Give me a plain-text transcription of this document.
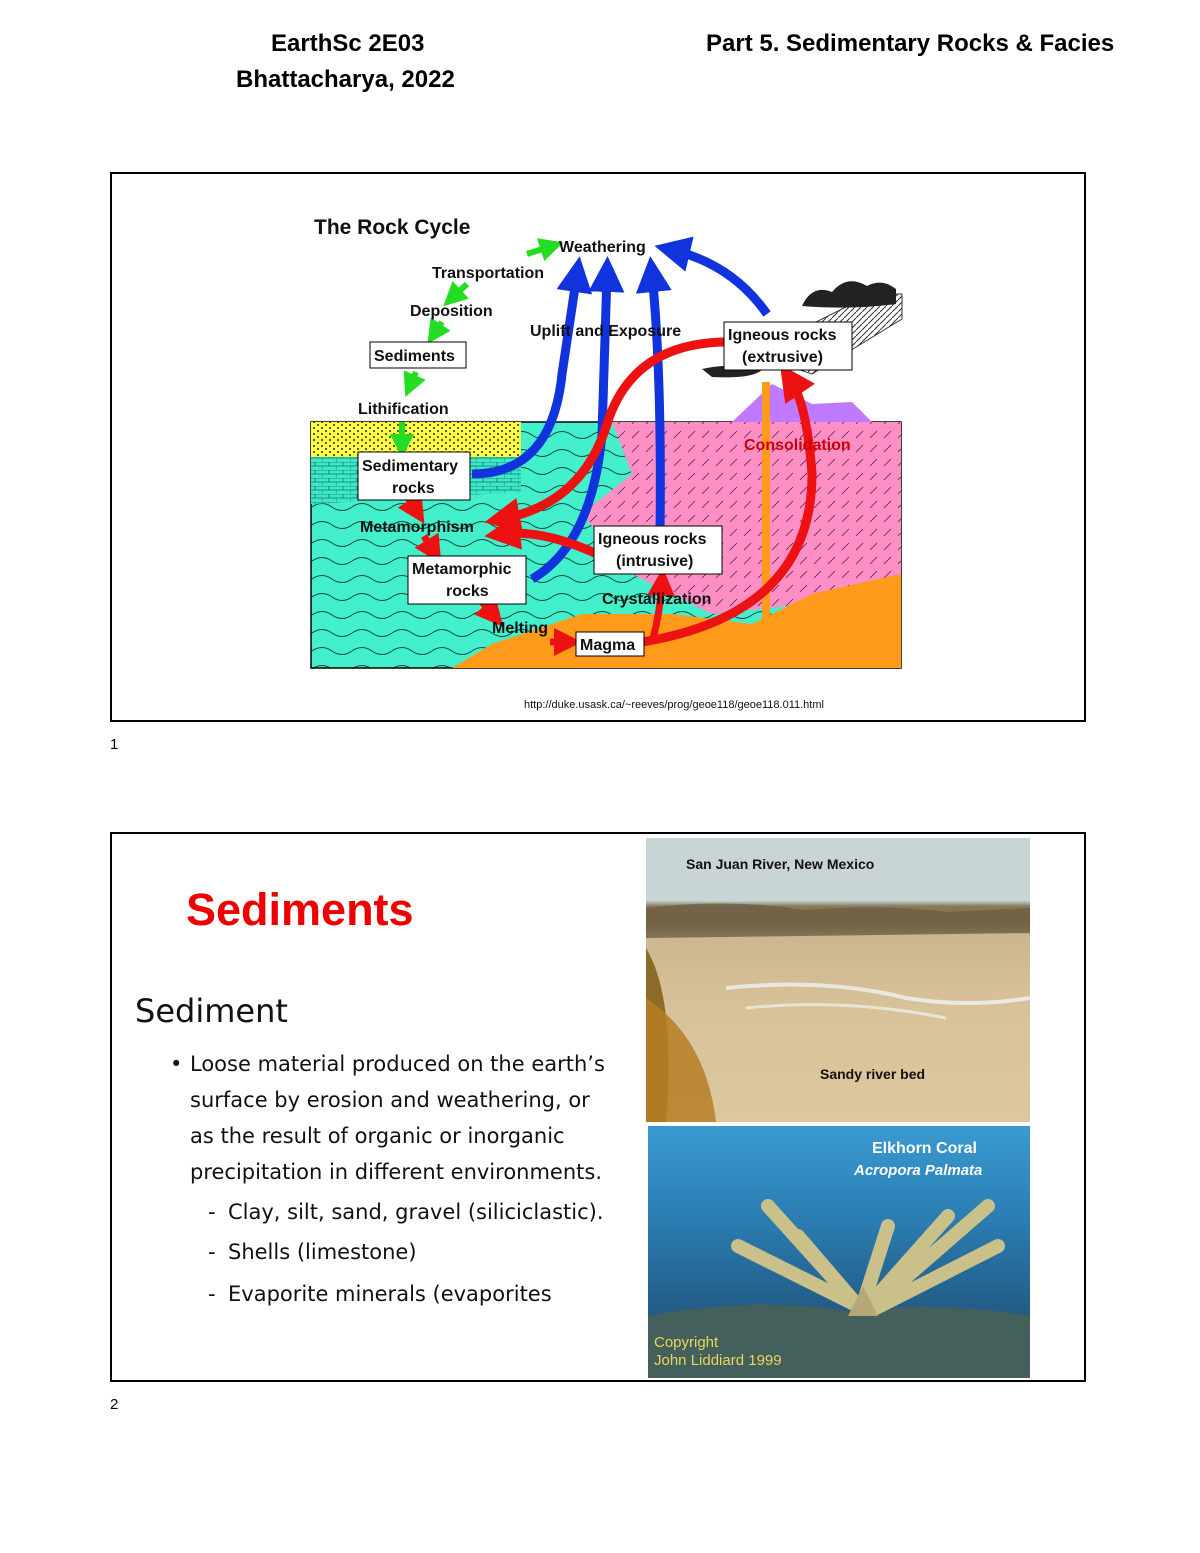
EarthSc 2E03
Bhattacharya, 2022
Part 5. Sedimentary Rocks & Facies
The Rock Cycle
Weathering
Transportation
Deposition
Sediments
Lithification
Uplift and Exposure	Igneous rocks
(extrusive)
Consolidation
Sedimentary
rocks
Metamorphism
Igneous rocks
(intrusive)
Metamorphic
rocks	Crystallization
Melting
Magma
http://duke.usask.ca/~reeves/prog/geoe118/geoe118.011.html
1
Sediments
Sediment
• Loose material produced on the earth’s
surface by erosion and weathering, or
as the result of organic or inorganic
precipitation in different environments.
- Clay, silt, sand, gravel (siliciclastic).
- Shells (limestone)
- Evaporite minerals (evaporites
San Juan River, New Mexico
Sandy river bed
Elkhorn Coral
Acropora Palmata
Copyright
John Liddiard 1999
2
